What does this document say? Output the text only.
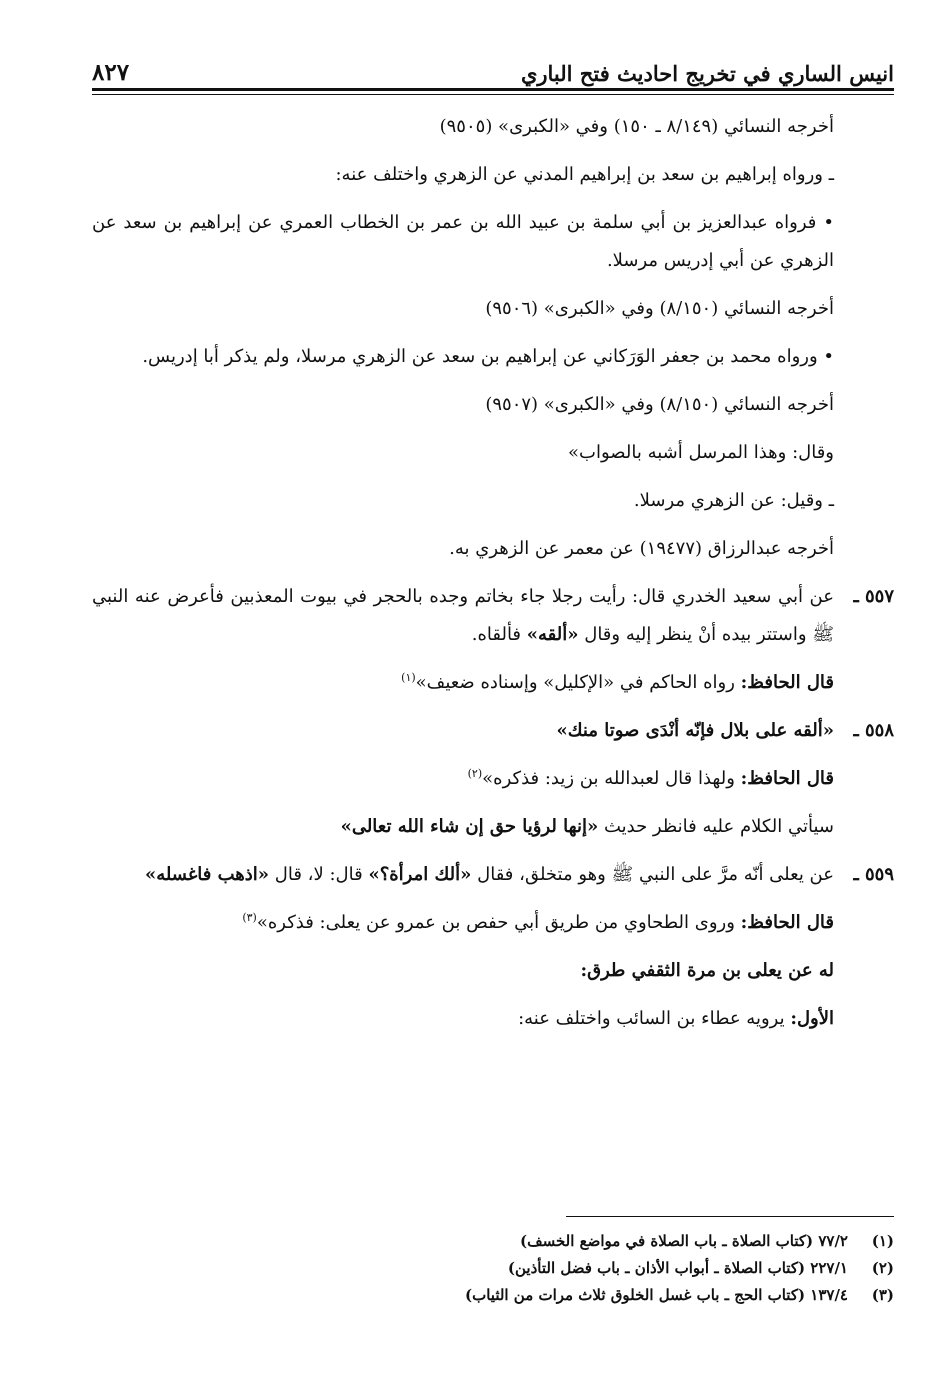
انيس الساري في تخريج احاديث فتح الباري
٨٢٧

أخرجه النسائي (٨/١٤٩ ـ ١٥٠) وفي «الكبرى» (٩٥٠٥)

ـ ورواه إبراهيم بن سعد بن إبراهيم المدني عن الزهري واختلف عنه:

• فرواه عبدالعزيز بن أبي سلمة بن عبيد الله بن عمر بن الخطاب العمري عن إبراهيم بن سعد عن الزهري عن أبي إدريس مرسلا.

أخرجه النسائي (٨/١٥٠) وفي «الكبرى» (٩٥٠٦)

• ورواه محمد بن جعفر الوَرَكاني عن إبراهيم بن سعد عن الزهري مرسلا، ولم يذكر أبا إدريس.

أخرجه النسائي (٨/١٥٠) وفي «الكبرى» (٩٥٠٧)

وقال: وهذا المرسل أشبه بالصواب»

ـ وقيل: عن الزهري مرسلا.

أخرجه عبدالرزاق (١٩٤٧٧) عن معمر عن الزهري به.

٥٥٧ ـ
عن أبي سعيد الخدري قال: رأيت رجلا جاء بخاتم وجده بالحجر في بيوت المعذبين فأعرض عنه النبي ﷺ واستتر بيده أنْ ينظر إليه وقال «ألقه» فألقاه.

قال الحافظ: رواه الحاكم في «الإكليل» وإسناده ضعيف»$^{(١)}$

٥٥٨ ـ
«ألقه على بلال فإنّه أنْدَى صوتا منك»

قال الحافظ: ولهذا قال لعبدالله بن زيد: فذكره»$^{(٢)}$

سيأتي الكلام عليه فانظر حديث «إنها لرؤيا حق إن شاء الله تعالى»

٥٥٩ ـ
عن يعلى أنّه مرَّ على النبي ﷺ وهو متخلق، فقال «ألك امرأة؟» قال: لا، قال «اذهب فاغسله»

قال الحافظ: وروى الطحاوي من طريق أبي حفص بن عمرو عن يعلى: فذكره»$^{(٣)}$

له عن يعلى بن مرة الثقفي طرق:

الأول: يرويه عطاء بن السائب واختلف عنه:

(١)
٧٧/٢ (كتاب الصلاة ـ باب الصلاة في مواضع الخسف)
(٢)
٢٢٧/١ (كتاب الصلاة ـ أبواب الأذان ـ باب فضل التأذين)
(٣)
١٣٧/٤ (كتاب الحج ـ باب غسل الخلوق ثلاث مرات من الثياب)
